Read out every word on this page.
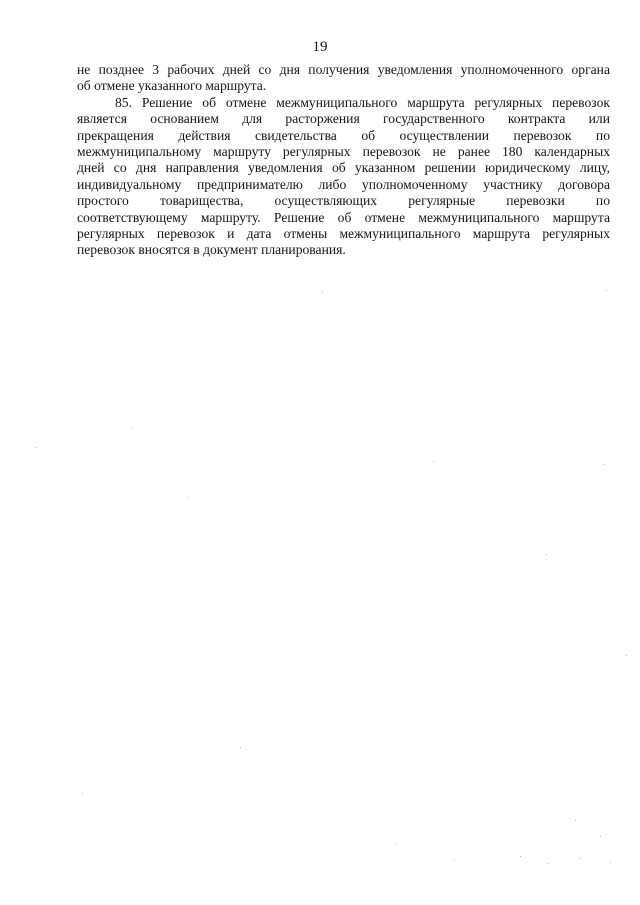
19
не позднее 3 рабочих дней со дня получения уведомления уполномоченного органа
об отмене указанного маршрута.
85. Решение об отмене межмуниципального маршрута регулярных перевозок
является основанием для расторжения государственного контракта или
прекращения действия свидетельства об осуществлении перевозок по
межмуниципальному маршруту регулярных перевозок не ранее 180 календарных
дней со дня направления уведомления об указанном решении юридическому лицу,
индивидуальному предпринимателю либо уполномоченному участнику договора
простого товарищества, осуществляющих регулярные перевозки по
соответствующему маршруту. Решение об отмене межмуниципального маршрута
регулярных перевозок и дата отмены межмуниципального маршрута регулярных
перевозок вносятся в документ планирования.
